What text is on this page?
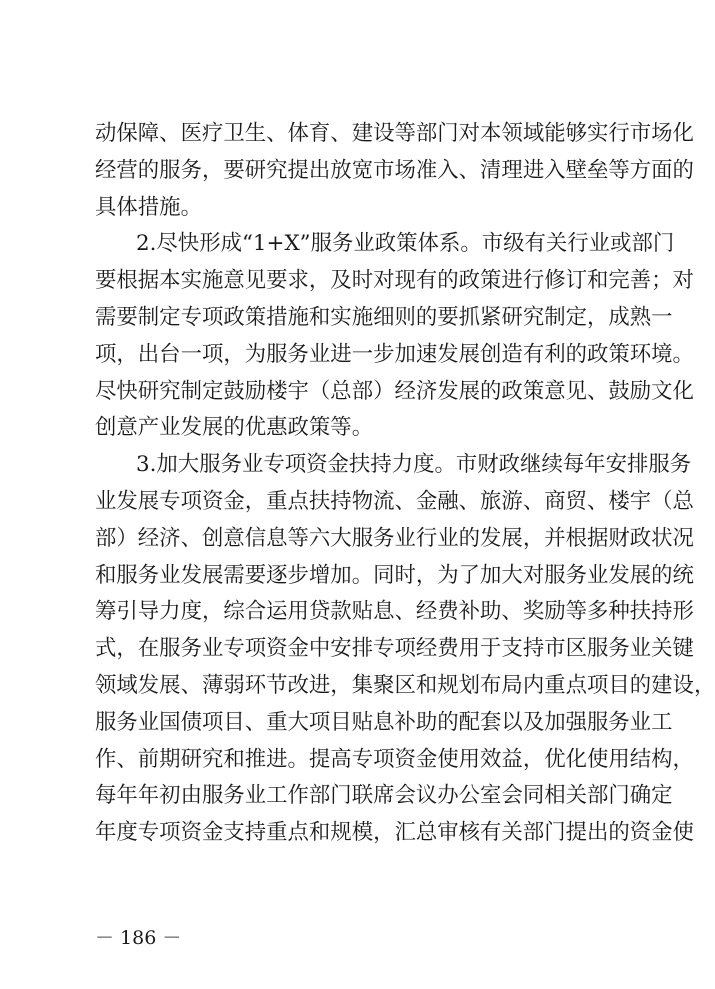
动保障、医疗卫生、体育、建设等部门对本领域能够实行市场化
经营的服务，要研究提出放宽市场准入、清理进入壁垒等方面的
具体措施。
2.尽快形成“1+X”服务业政策体系。市级有关行业或部门
要根据本实施意见要求，及时对现有的政策进行修订和完善；对
需要制定专项政策措施和实施细则的要抓紧研究制定，成熟一
项，出台一项，为服务业进一步加速发展创造有利的政策环境。
尽快研究制定鼓励楼宇（总部）经济发展的政策意见、鼓励文化
创意产业发展的优惠政策等。
3.加大服务业专项资金扶持力度。市财政继续每年安排服务
业发展专项资金，重点扶持物流、金融、旅游、商贸、楼宇（总
部）经济、创意信息等六大服务业行业的发展，并根据财政状况
和服务业发展需要逐步增加。同时，为了加大对服务业发展的统
筹引导力度，综合运用贷款贴息、经费补助、奖励等多种扶持形
式，在服务业专项资金中安排专项经费用于支持市区服务业关键
领域发展、薄弱环节改进，集聚区和规划布局内重点项目的建设，
服务业国债项目、重大项目贴息补助的配套以及加强服务业工
作、前期研究和推进。提高专项资金使用效益，优化使用结构，
每年年初由服务业工作部门联席会议办公室会同相关部门确定
年度专项资金支持重点和规模，汇总审核有关部门提出的资金使
－ 186 －
